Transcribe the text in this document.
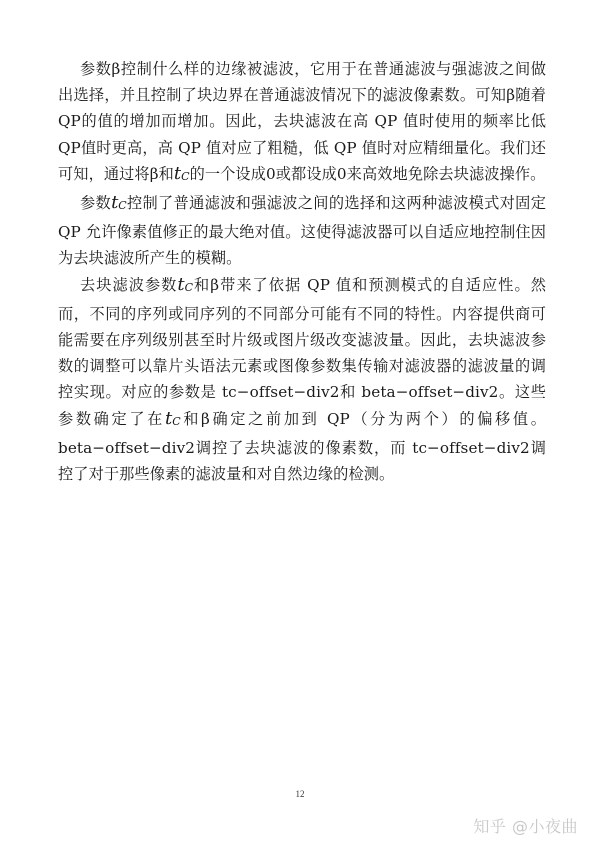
参数β控制什么样的边缘被滤波，它用于在普通滤波与强滤波之间做出选择，并且控制了块边界在普通滤波情况下的滤波像素数。可知β随着QP的值的增加而增加。因此，去块滤波在高 QP 值时使用的频率比低 QP值时更高，高 QP 值对应了粗糙，低 QP 值时对应精细量化。我们还可知，通过将β和$t_C$的一个设成0或都设成0来高效地免除去块滤波操作。

参数$t_C$控制了普通滤波和强滤波之间的选择和这两种滤波模式对固定QP 允许像素值修正的最大绝对值。这使得滤波器可以自适应地控制住因为去块滤波所产生的模糊。

去块滤波参数$t_C$和β带来了依据 QP 值和预测模式的自适应性。然而，不同的序列或同序列的不同部分可能有不同的特性。内容提供商可能需要在序列级别甚至时片级或图片级改变滤波量。因此，去块滤波参数的调整可以靠片头语法元素或图像参数集传输对滤波器的滤波量的调控实现。对应的参数是 tc−offset−div2和 beta−offset−div2。这些参数确定了在$t_C$和β确定之前加到 QP（分为两个）的偏移值。beta−offset−div2调控了去块滤波的像素数，而 tc−offset−div2调控了对于那些像素的滤波量和对自然边缘的检测。

12
知乎 @小夜曲
